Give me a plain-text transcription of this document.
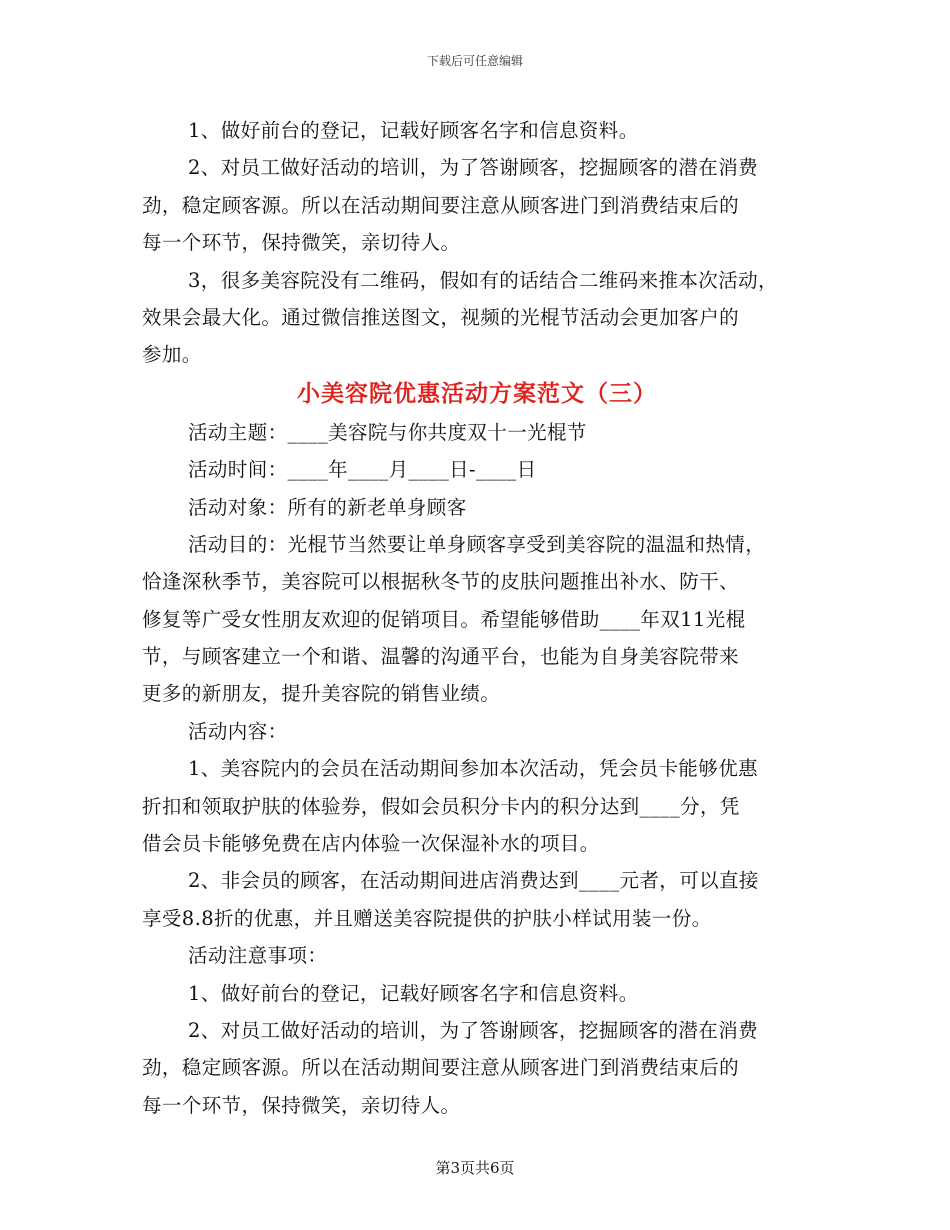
下载后可任意编辑
1、做好前台的登记，记载好顾客名字和信息资料。
2、对员工做好活动的培训，为了答谢顾客，挖掘顾客的潜在消费
劲，稳定顾客源。所以在活动期间要注意从顾客进门到消费结束后的
每一个环节，保持微笑，亲切待人。
3，很多美容院没有二维码，假如有的话结合二维码来推本次活动，
效果会最大化。通过微信推送图文，视频的光棍节活动会更加客户的
参加。
小美容院优惠活动方案范文（三）
活动主题：____美容院与你共度双十一光棍节
活动时间：____年____月____日-____日
活动对象：所有的新老单身顾客
活动目的：光棍节当然要让单身顾客享受到美容院的温温和热情，
恰逢深秋季节，美容院可以根据秋冬节的皮肤问题推出补水、防干、
修复等广受女性朋友欢迎的促销项目。希望能够借助____年双11光棍
节，与顾客建立一个和谐、温馨的沟通平台，也能为自身美容院带来
更多的新朋友，提升美容院的销售业绩。
活动内容：
1、美容院内的会员在活动期间参加本次活动，凭会员卡能够优惠
折扣和领取护肤的体验券，假如会员积分卡内的积分达到____分，凭
借会员卡能够免费在店内体验一次保湿补水的项目。
2、非会员的顾客，在活动期间进店消费达到____元者，可以直接
享受8.8折的优惠，并且赠送美容院提供的护肤小样试用装一份。
活动注意事项：
1、做好前台的登记，记载好顾客名字和信息资料。
2、对员工做好活动的培训，为了答谢顾客，挖掘顾客的潜在消费
劲，稳定顾客源。所以在活动期间要注意从顾客进门到消费结束后的
每一个环节，保持微笑，亲切待人。
第3页共6页
